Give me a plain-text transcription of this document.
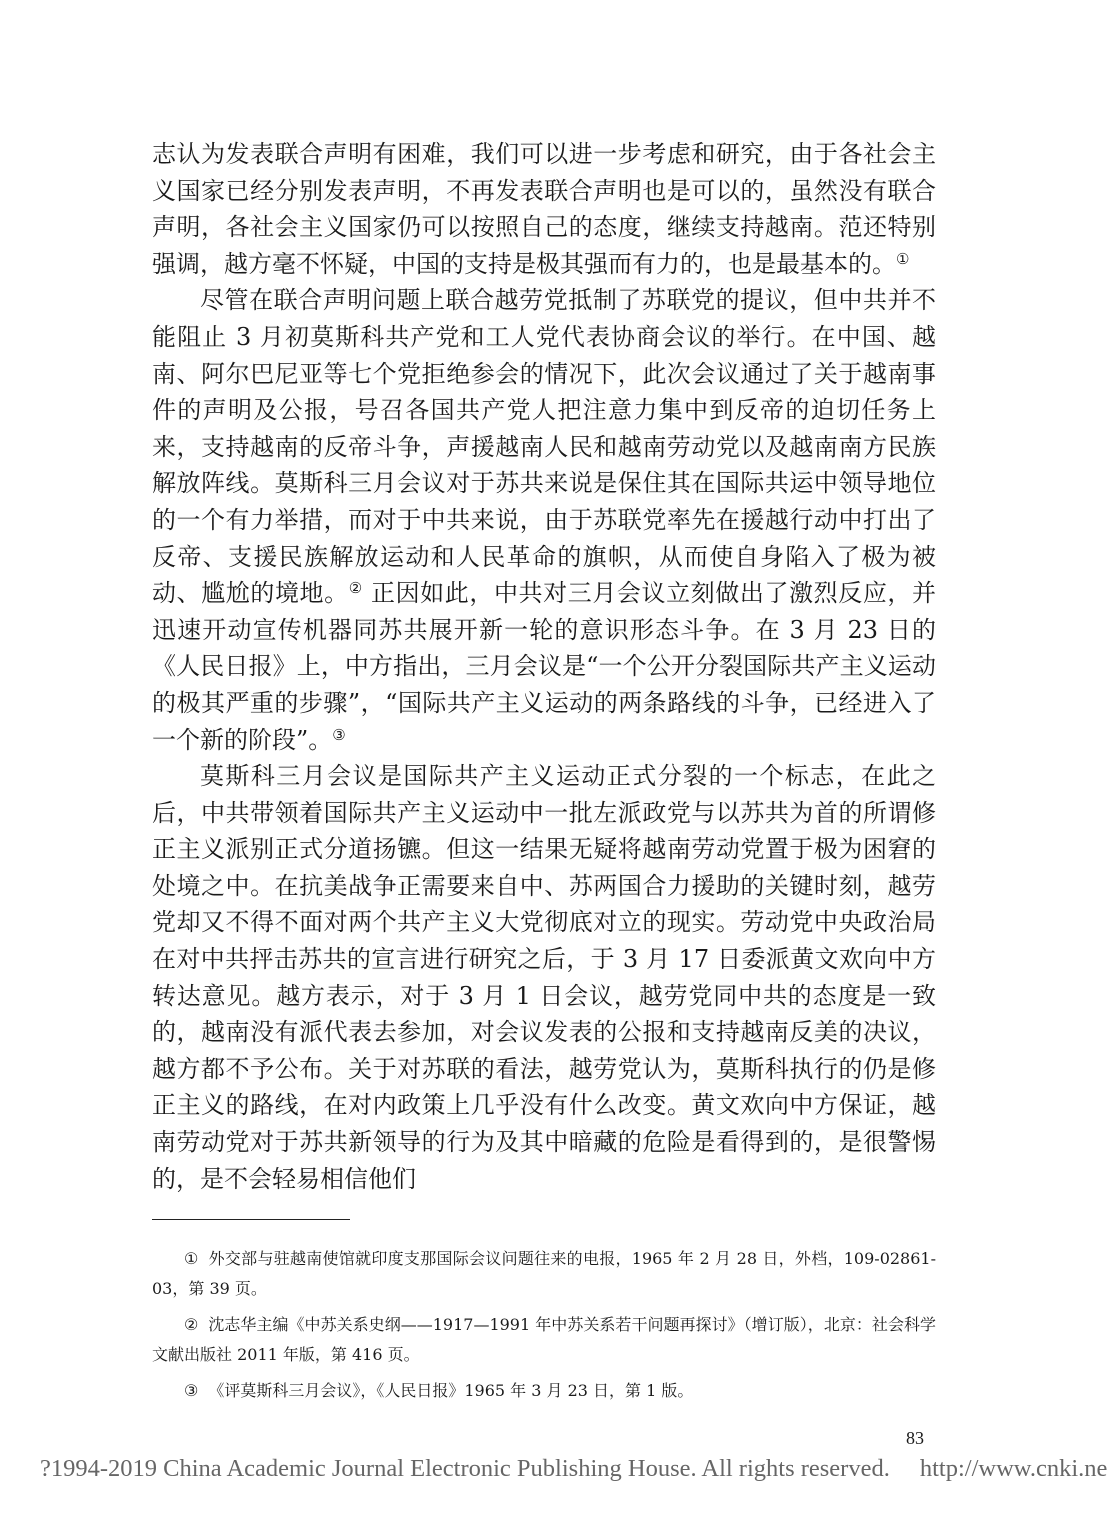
志认为发表联合声明有困难，我们可以进一步考虑和研究，由于各社会主义国家已经分别发表声明，不再发表联合声明也是可以的，虽然没有联合声明，各社会主义国家仍可以按照自己的态度，继续支持越南。范还特别强调，越方毫不怀疑，中国的支持是极其强而有力的，也是最基本的。①

尽管在联合声明问题上联合越劳党抵制了苏联党的提议，但中共并不能阻止 3 月初莫斯科共产党和工人党代表协商会议的举行。在中国、越南、阿尔巴尼亚等七个党拒绝参会的情况下，此次会议通过了关于越南事件的声明及公报，号召各国共产党人把注意力集中到反帝的迫切任务上来，支持越南的反帝斗争，声援越南人民和越南劳动党以及越南南方民族解放阵线。莫斯科三月会议对于苏共来说是保住其在国际共运中领导地位的一个有力举措，而对于中共来说，由于苏联党率先在援越行动中打出了反帝、支援民族解放运动和人民革命的旗帜，从而使自身陷入了极为被动、尴尬的境地。② 正因如此，中共对三月会议立刻做出了激烈反应，并迅速开动宣传机器同苏共展开新一轮的意识形态斗争。在 3 月 23 日的《人民日报》上，中方指出，三月会议是“一个公开分裂国际共产主义运动的极其严重的步骤”，“国际共产主义运动的两条路线的斗争，已经进入了一个新的阶段”。③

莫斯科三月会议是国际共产主义运动正式分裂的一个标志，在此之后，中共带领着国际共产主义运动中一批左派政党与以苏共为首的所谓修正主义派别正式分道扬镳。但这一结果无疑将越南劳动党置于极为困窘的处境之中。在抗美战争正需要来自中、苏两国合力援助的关键时刻，越劳党却又不得不面对两个共产主义大党彻底对立的现实。劳动党中央政治局在对中共抨击苏共的宣言进行研究之后，于 3 月 17 日委派黄文欢向中方转达意见。越方表示，对于 3 月 1 日会议，越劳党同中共的态度是一致的，越南没有派代表去参加，对会议发表的公报和支持越南反美的决议，越方都不予公布。关于对苏联的看法，越劳党认为，莫斯科执行的仍是修正主义的路线，在对内政策上几乎没有什么改变。黄文欢向中方保证，越南劳动党对于苏共新领导的行为及其中暗藏的危险是看得到的，是很警惕的，是不会轻易相信他们

① 外交部与驻越南使馆就印度支那国际会议问题往来的电报，1965 年 2 月 28 日，外档，109-02861-03，第 39 页。

② 沈志华主编《中苏关系史纲——1917—1991 年中苏关系若干问题再探讨》（增订版），北京：社会科学文献出版社 2011 年版，第 416 页。

③ 《评莫斯科三月会议》，《人民日报》1965 年 3 月 23 日，第 1 版。

83
?1994-2019 China Academic Journal Electronic Publishing House. All rights reserved. http://www.cnki.ne
